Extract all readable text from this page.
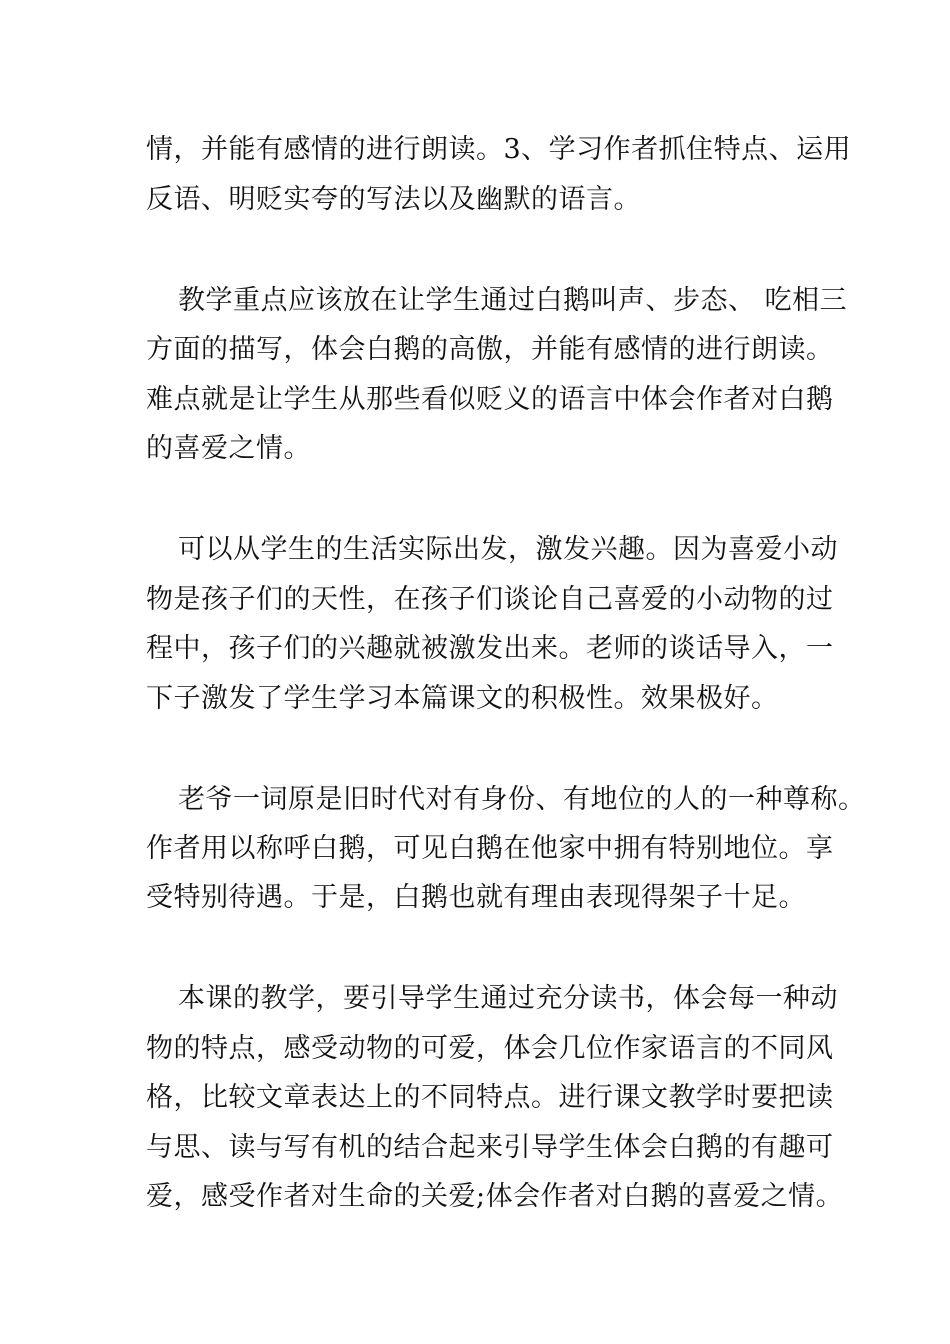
情，并能有感情的进行朗读。3、学习作者抓住特点、运用
反语、明贬实夸的写法以及幽默的语言。
教学重点应该放在让学生通过白鹅叫声、步态、 吃相三
方面的描写，体会白鹅的高傲，并能有感情的进行朗读。
难点就是让学生从那些看似贬义的语言中体会作者对白鹅
的喜爱之情。
可以从学生的生活实际出发，激发兴趣。因为喜爱小动
物是孩子们的天性，在孩子们谈论自己喜爱的小动物的过
程中，孩子们的兴趣就被激发出来。老师的谈话导入，一
下子激发了学生学习本篇课文的积极性。效果极好。
老爷一词原是旧时代对有身份、有地位的人的一种尊称。
作者用以称呼白鹅，可见白鹅在他家中拥有特别地位。享
受特别待遇。于是，白鹅也就有理由表现得架子十足。
本课的教学，要引导学生通过充分读书，体会每一种动
物的特点，感受动物的可爱，体会几位作家语言的不同风
格，比较文章表达上的不同特点。进行课文教学时要把读
与思、读与写有机的结合起来引导学生体会白鹅的有趣可
爱，感受作者对生命的关爱;体会作者对白鹅的喜爱之情。
